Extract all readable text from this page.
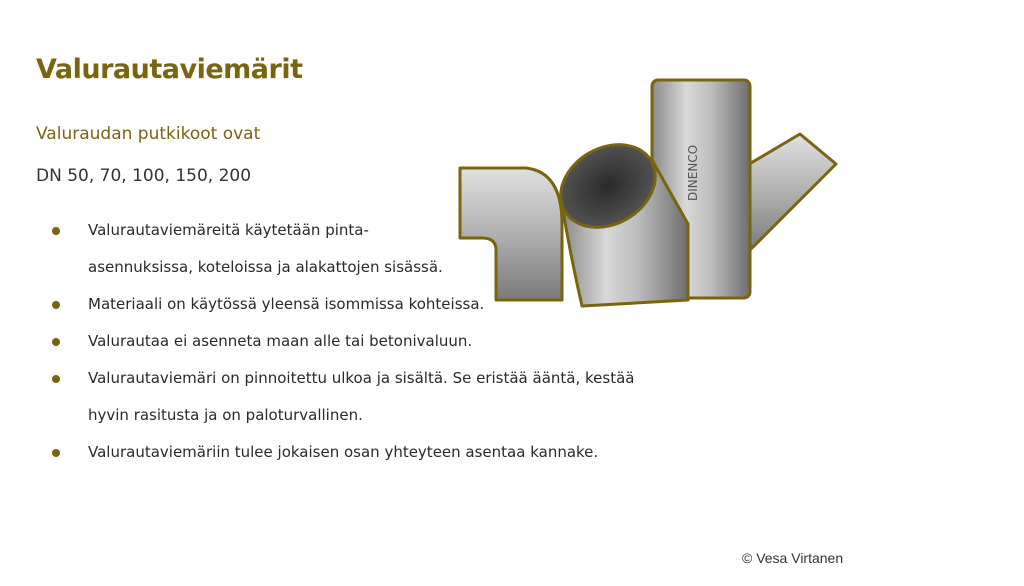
Valurautaviemärit
Valuraudan putkikoot ovat
DN 50, 70, 100, 150, 200
Valurautaviemäreitä käytetään pinta- asennuksissa, koteloissa ja alakattojen sisässä.
Materiaali on käytössä yleensä isommissa kohteissa.
Valurautaa ei asenneta maan alle tai betonivaluun.
Valurautaviemäri on pinnoitettu ulkoa ja sisältä. Se eristää ääntä, kestää hyvin rasitusta ja on paloturvallinen.
Valurautaviemäriin tulee jokaisen osan yhteyteen asentaa kannake.
DINENCO
© Vesa Virtanen
